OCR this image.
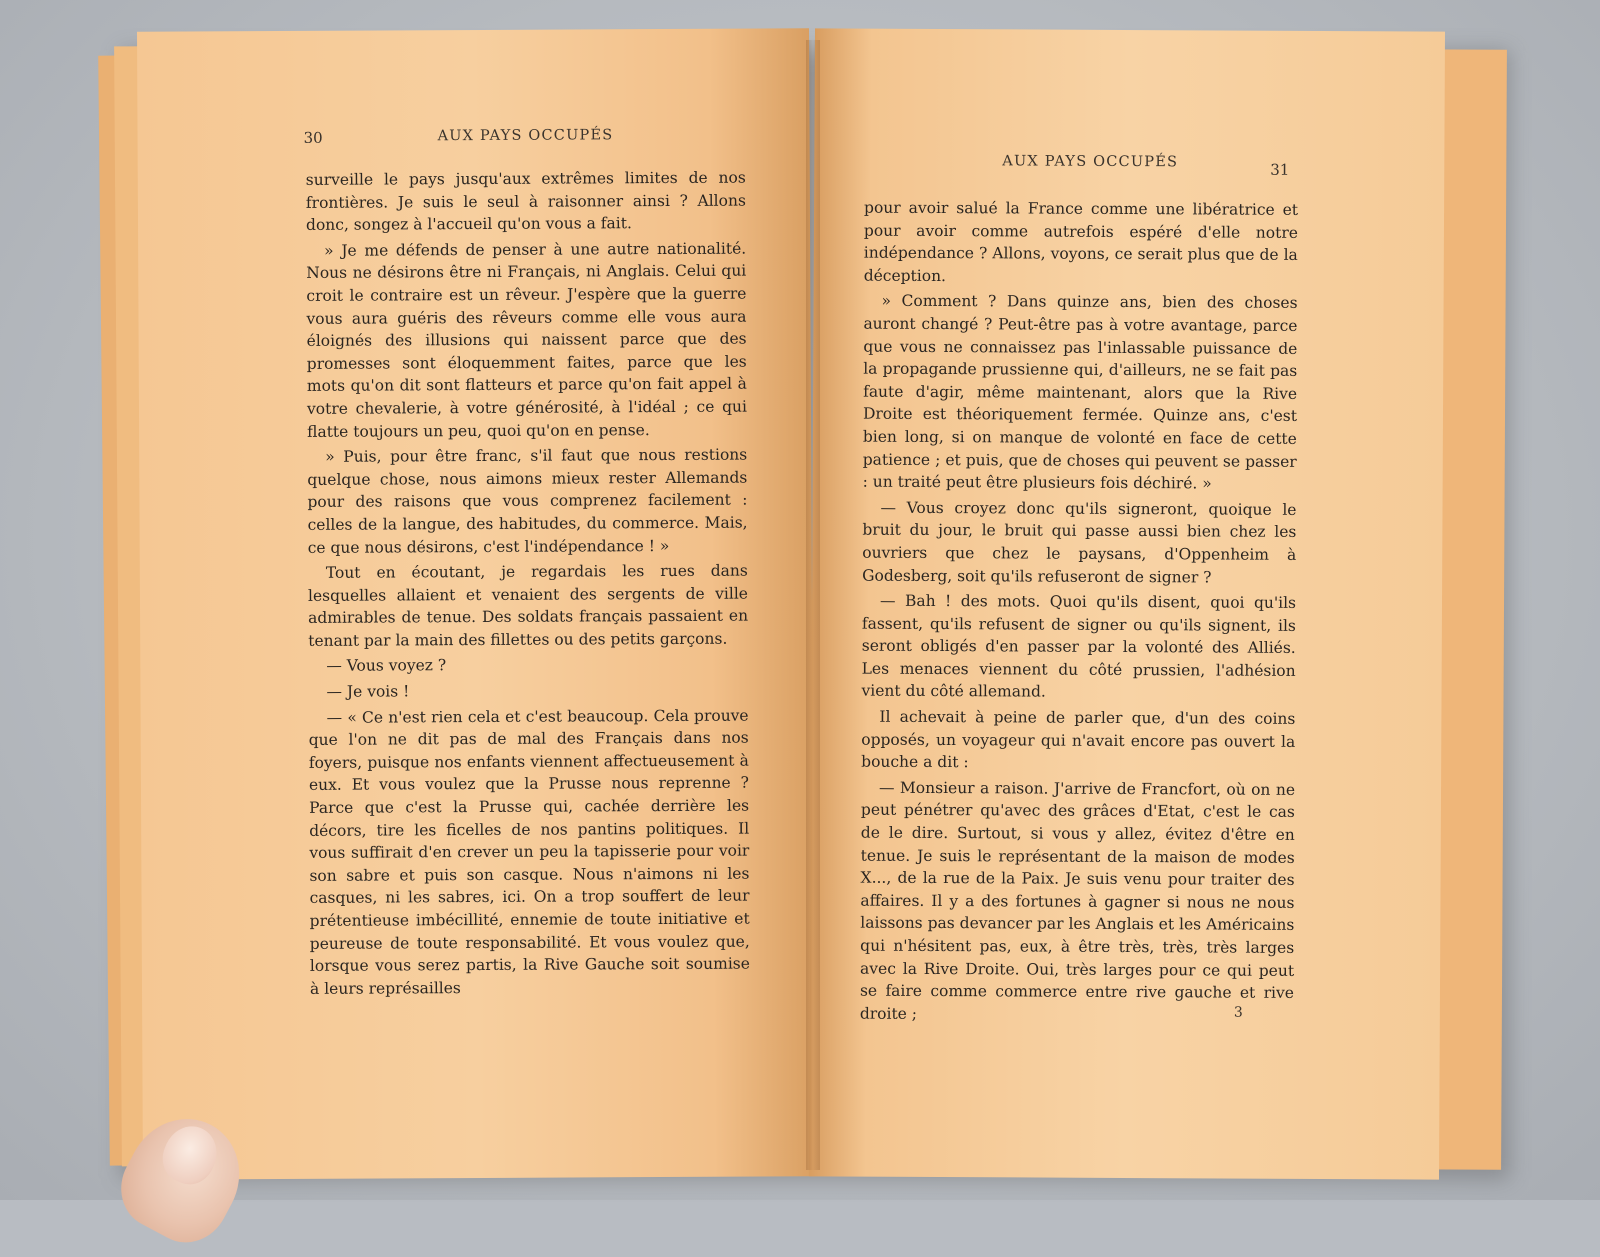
30	AUX PAYS OCCUPÉS

surveille le pays jusqu'aux extrêmes limites de nos frontières. Je suis le seul à raisonner ainsi ? Allons donc, songez à l'accueil qu'on vous a fait.

» Je me défends de penser à une autre nationalité. Nous ne désirons être ni Français, ni Anglais. Celui qui croit le contraire est un rêveur. J'espère que la guerre vous aura guéris des rêveurs comme elle vous aura éloignés des illusions qui naissent parce que des promesses sont éloquemment faites, parce que les mots qu'on dit sont flatteurs et parce qu'on fait appel à votre chevalerie, à votre générosité, à l'idéal ; ce qui flatte toujours un peu, quoi qu'on en pense.

» Puis, pour être franc, s'il faut que nous restions quelque chose, nous aimons mieux rester Allemands pour des raisons que vous comprenez facilement : celles de la langue, des habitudes, du commerce. Mais, ce que nous désirons, c'est l'indépendance ! »

Tout en écoutant, je regardais les rues dans lesquelles allaient et venaient des sergents de ville admirables de tenue. Des soldats français passaient en tenant par la main des fillettes ou des petits garçons.

— Vous voyez ?

— Je vois !

— « Ce n'est rien cela et c'est beaucoup. Cela prouve que l'on ne dit pas de mal des Français dans nos foyers, puisque nos enfants viennent affectueusement à eux. Et vous voulez que la Prusse nous reprenne ? Parce que c'est la Prusse qui, cachée derrière les décors, tire les ficelles de nos pantins politiques. Il vous suffirait d'en crever un peu la tapisserie pour voir son sabre et puis son casque. Nous n'aimons ni les casques, ni les sabres, ici. On a trop souffert de leur prétentieuse imbécillité, ennemie de toute initiative et peureuse de toute responsabilité. Et vous voulez que, lorsque vous serez partis, la Rive Gauche soit soumise à leurs représailles

AUX PAYS OCCUPÉS	31

pour avoir salué la France comme une libératrice et pour avoir comme autrefois espéré d'elle notre indépendance ? Allons, voyons, ce serait plus que de la déception.

» Comment ? Dans quinze ans, bien des choses auront changé ? Peut-être pas à votre avantage, parce que vous ne connaissez pas l'inlassable puissance de la propagande prussienne qui, d'ailleurs, ne se fait pas faute d'agir, même maintenant, alors que la Rive Droite est théoriquement fermée. Quinze ans, c'est bien long, si on manque de volonté en face de cette patience ; et puis, que de choses qui peuvent se passer : un traité peut être plusieurs fois déchiré. »

— Vous croyez donc qu'ils signeront, quoique le bruit du jour, le bruit qui passe aussi bien chez les ouvriers que chez le paysans, d'Oppenheim à Godesberg, soit qu'ils refuseront de signer ?

— Bah ! des mots. Quoi qu'ils disent, quoi qu'ils fassent, qu'ils refusent de signer ou qu'ils signent, ils seront obligés d'en passer par la volonté des Alliés. Les menaces viennent du côté prussien, l'adhésion vient du côté allemand.

Il achevait à peine de parler que, d'un des coins opposés, un voyageur qui n'avait encore pas ouvert la bouche a dit :

— Monsieur a raison. J'arrive de Francfort, où on ne peut pénétrer qu'avec des grâces d'Etat, c'est le cas de le dire. Surtout, si vous y allez, évitez d'être en tenue. Je suis le représentant de la maison de modes X..., de la rue de la Paix. Je suis venu pour traiter des affaires. Il y a des fortunes à gagner si nous ne nous laissons pas devancer par les Anglais et les Américains qui n'hésitent pas, eux, à être très, très, très larges avec la Rive Droite. Oui, très larges pour ce qui peut se faire comme commerce entre rive gauche et rive droite ;	3
